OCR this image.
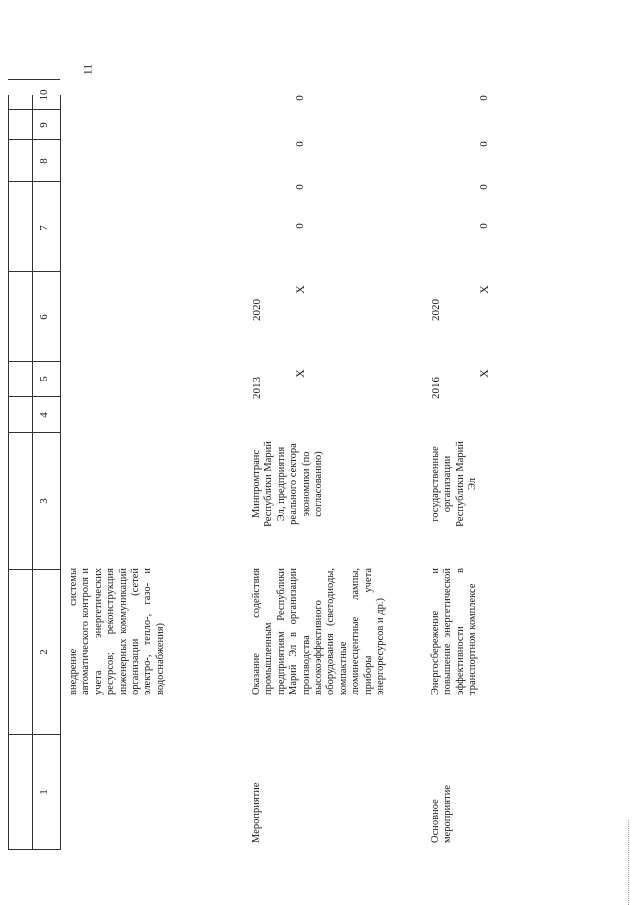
11
1
2
3
4
5
6
7
8
9
10
внедрение системы автоматического контроля и учета энергетических ресурсов; реконструкция инженерных коммуникаций организации (сетей электро-, тепло-, газо- и водоснабжения)
Мероприятие
Оказание содействия промышленным предприятиям Республики Марий Эл в организации производства высокоэффективного оборудования (светодиоды, компактные люминесцентные лампы, приборы учета энергоресурсов и др.)
Минпромтранс Республики Марий Эл, предприятия реального сектора экономики (по согласованию)
2013
2020
Основное мероприятие
Энергосбережение и повышение энергетической эффективности в транспортном комплексе
государственные организации Республики Марий Эл
2016
2020
Х
Х
0
0
0
0
Х
Х
0
0
0
0
